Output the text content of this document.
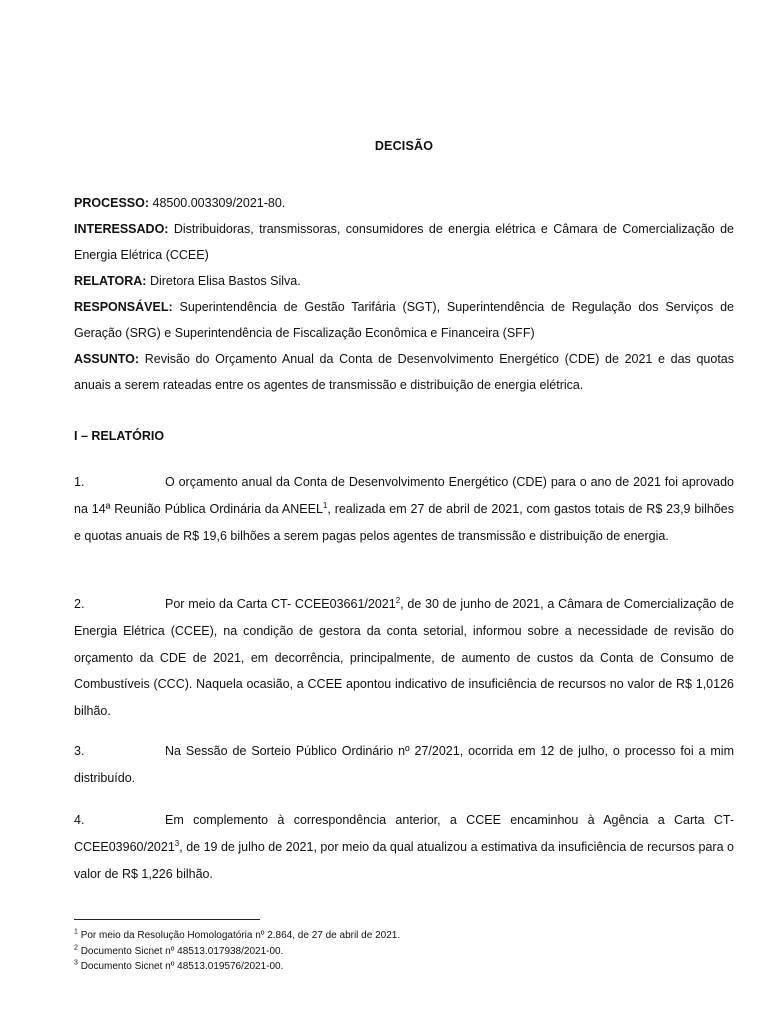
DECISÃO

PROCESSO: 48500.003309/2021-80.

INTERESSADO: Distribuidoras, transmissoras, consumidores de energia elétrica e Câmara de Comercialização de Energia Elétrica (CCEE)

RELATORA: Diretora Elisa Bastos Silva.

RESPONSÁVEL: Superintendência de Gestão Tarifária (SGT), Superintendência de Regulação dos Serviços de Geração (SRG) e Superintendência de Fiscalização Econômica e Financeira (SFF)

ASSUNTO: Revisão do Orçamento Anual da Conta de Desenvolvimento Energético (CDE) de 2021 e das quotas anuais a serem rateadas entre os agentes de transmissão e distribuição de energia elétrica.

I – RELATÓRIO
1.	O orçamento anual da Conta de Desenvolvimento Energético (CDE) para o ano de 2021 foi aprovado na 14ª Reunião Pública Ordinária da ANEEL$^1$, realizada em 27 de abril de 2021, com gastos totais de R$ 23,9 bilhões e quotas anuais de R$ 19,6 bilhões a serem pagas pelos agentes de transmissão e distribuição de energia.
2.	Por meio da Carta CT- CCEE03661/2021$^2$, de 30 de junho de 2021, a Câmara de Comercialização de Energia Elétrica (CCEE), na condição de gestora da conta setorial, informou sobre a necessidade de revisão do orçamento da CDE de 2021, em decorrência, principalmente, de aumento de custos da Conta de Consumo de Combustíveis (CCC). Naquela ocasião, a CCEE apontou indicativo de insuficiência de recursos no valor de R$ 1,0126 bilhão.
3.	Na Sessão de Sorteio Público Ordinário nº 27/2021, ocorrida em 12 de julho, o processo foi a mim distribuído.
4.	Em complemento à correspondência anterior, a CCEE encaminhou à Agência a Carta CT-CCEE03960/2021$^3$, de 19 de julho de 2021, por meio da qual atualizou a estimativa da insuficiência de recursos para o valor de R$ 1,226 bilhão.
$^1$ Por meio da Resolução Homologatória nº 2.864, de 27 de abril de 2021.
$^2$ Documento Sicnet nº 48513.017938/2021-00.
$^3$ Documento Sicnet nº 48513.019576/2021-00.
